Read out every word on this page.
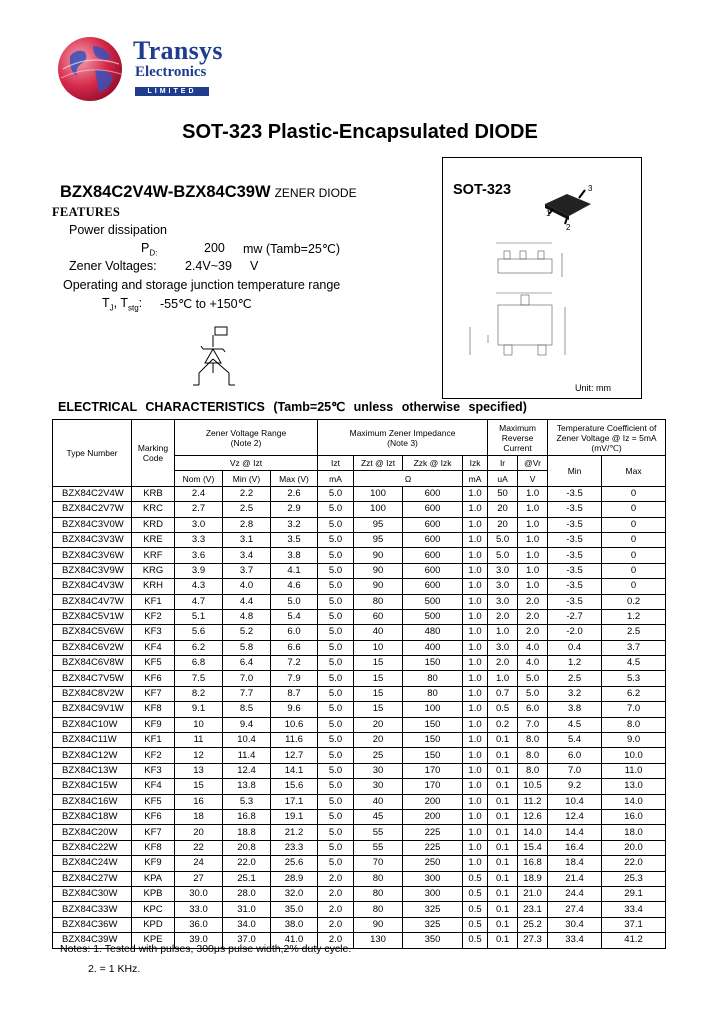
Transys
Electronics
LIMITED
SOT-323 Plastic-Encapsulated DIODE
BZX84C2V4W-BZX84C39W ZENER DIODE
FEATURES
Power dissipation
$P_{D:}$	200 mw (Tamb=25℃)
Zener Voltages: 2.4V~39 V
Operating and storage junction temperature range
$T_J$, $T_{stg}$: -55℃ to +150℃
SOT-323	3
1
2
Unit: mm
ELECTRICAL CHARACTERISTICS (Tamb=25℃ unless otherwise specified)
Type Number	Marking Code	Zener Voltage Range (Note 2)			Maximum Zener Impedance (Note 3)				Maximum Reverse Current		Temperature Coefficient of Zener Voltage @ Iz = 5mA (mV/℃)	
		Vz @ Izt			Izt	Zzt @ Izt	Zzk @ Izk	Izk	Ir	@Vr	Min	Max
		Nom (V)	Min (V)	Max (V)	mA	Ω		mA	uA	V		
BZX84C2V4W	KRB	2.4	2.2	2.6	5.0	100	600	1.0	50	1.0	-3.5	0
BZX84C2V7W	KRC	2.7	2.5	2.9	5.0	100	600	1.0	20	1.0	-3.5	0
BZX84C3V0W	KRD	3.0	2.8	3.2	5.0	95	600	1.0	20	1.0	-3.5	0
BZX84C3V3W	KRE	3.3	3.1	3.5	5.0	95	600	1.0	5.0	1.0	-3.5	0
BZX84C3V6W	KRF	3.6	3.4	3.8	5.0	90	600	1.0	5.0	1.0	-3.5	0
BZX84C3V9W	KRG	3.9	3.7	4.1	5.0	90	600	1.0	3.0	1.0	-3.5	0
BZX84C4V3W	KRH	4.3	4.0	4.6	5.0	90	600	1.0	3.0	1.0	-3.5	0
BZX84C4V7W	KF1	4.7	4.4	5.0	5.0	80	500	1.0	3.0	2.0	-3.5	0.2
BZX84C5V1W	KF2	5.1	4.8	5.4	5.0	60	500	1.0	2.0	2.0	-2.7	1.2
BZX84C5V6W	KF3	5.6	5.2	6.0	5.0	40	480	1.0	1.0	2.0	-2.0	2.5
BZX84C6V2W	KF4	6.2	5.8	6.6	5.0	10	400	1.0	3.0	4.0	0.4	3.7
BZX84C6V8W	KF5	6.8	6.4	7.2	5.0	15	150	1.0	2.0	4.0	1.2	4.5
BZX84C7V5W	KF6	7.5	7.0	7.9	5.0	15	80	1.0	1.0	5.0	2.5	5.3
BZX84C8V2W	KF7	8.2	7.7	8.7	5.0	15	80	1.0	0.7	5.0	3.2	6.2
BZX84C9V1W	KF8	9.1	8.5	9.6	5.0	15	100	1.0	0.5	6.0	3.8	7.0
BZX84C10W	KF9	10	9.4	10.6	5.0	20	150	1.0	0.2	7.0	4.5	8.0
BZX84C11W	KF1	11	10.4	11.6	5.0	20	150	1.0	0.1	8.0	5.4	9.0
BZX84C12W	KF2	12	11.4	12.7	5.0	25	150	1.0	0.1	8.0	6.0	10.0
BZX84C13W	KF3	13	12.4	14.1	5.0	30	170	1.0	0.1	8.0	7.0	11.0
BZX84C15W	KF4	15	13.8	15.6	5.0	30	170	1.0	0.1	10.5	9.2	13.0
BZX84C16W	KF5	16	5.3	17.1	5.0	40	200	1.0	0.1	11.2	10.4	14.0
BZX84C18W	KF6	18	16.8	19.1	5.0	45	200	1.0	0.1	12.6	12.4	16.0
BZX84C20W	KF7	20	18.8	21.2	5.0	55	225	1.0	0.1	14.0	14.4	18.0
BZX84C22W	KF8	22	20.8	23.3	5.0	55	225	1.0	0.1	15.4	16.4	20.0
BZX84C24W	KF9	24	22.0	25.6	5.0	70	250	1.0	0.1	16.8	18.4	22.0
BZX84C27W	KPA	27	25.1	28.9	2.0	80	300	0.5	0.1	18.9	21.4	25.3
BZX84C30W	KPB	30.0	28.0	32.0	2.0	80	300	0.5	0.1	21.0	24.4	29.1
BZX84C33W	KPC	33.0	31.0	35.0	2.0	80	325	0.5	0.1	23.1	27.4	33.4
BZX84C36W	KPD	36.0	34.0	38.0	2.0	90	325	0.5	0.1	25.2	30.4	37.1
BZX84C39W	KPE	39.0	37.0	41.0	2.0	130	350	0.5	0.1	27.3	33.4	41.2
Notes: 1. Tested with pulses, 300μs pulse width,2% duty cycle.
2. = 1 KHz.
